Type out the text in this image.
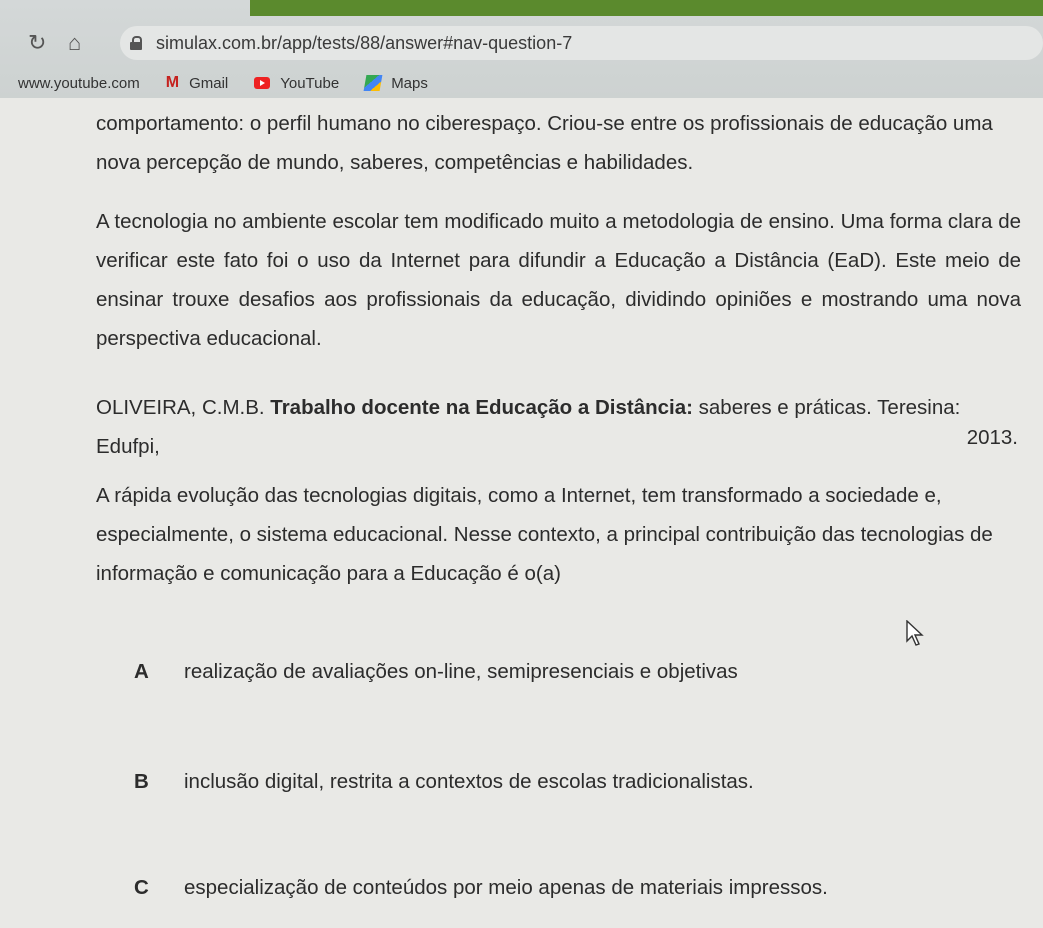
↻ ⌂	simulax.com.br/app/tests/88/answer#nav-question-7
www.youtube.com M Gmail	YouTube	Maps

comportamento: o perfil humano no ciberespaço. Criou-se entre os profissionais de educação uma nova percepção de mundo, saberes, competências e habilidades.

A tecnologia no ambiente escolar tem modificado muito a metodologia de ensino. Uma forma clara de verificar este fato foi o uso da Internet para difundir a Educação a Distância (EaD). Este meio de ensinar trouxe desafios aos profissionais da educação, dividindo opiniões e mostrando uma nova perspectiva educacional.

OLIVEIRA, C.M.B. Trabalho docente na Educação a Distância: saberes e práticas. Teresina: Edufpi,	2013.

A rápida evolução das tecnologias digitais, como a Internet, tem transformado a sociedade e, especialmente, o sistema educacional. Nesse contexto, a principal contribuição das tecnologias de informação e comunicação para a Educação é o(a)

A	realização de avaliações on-line, semipresenciais e objetivas
B	inclusão digital, restrita a contextos de escolas tradicionalistas.
C	especialização de conteúdos por meio apenas de materiais impressos.
